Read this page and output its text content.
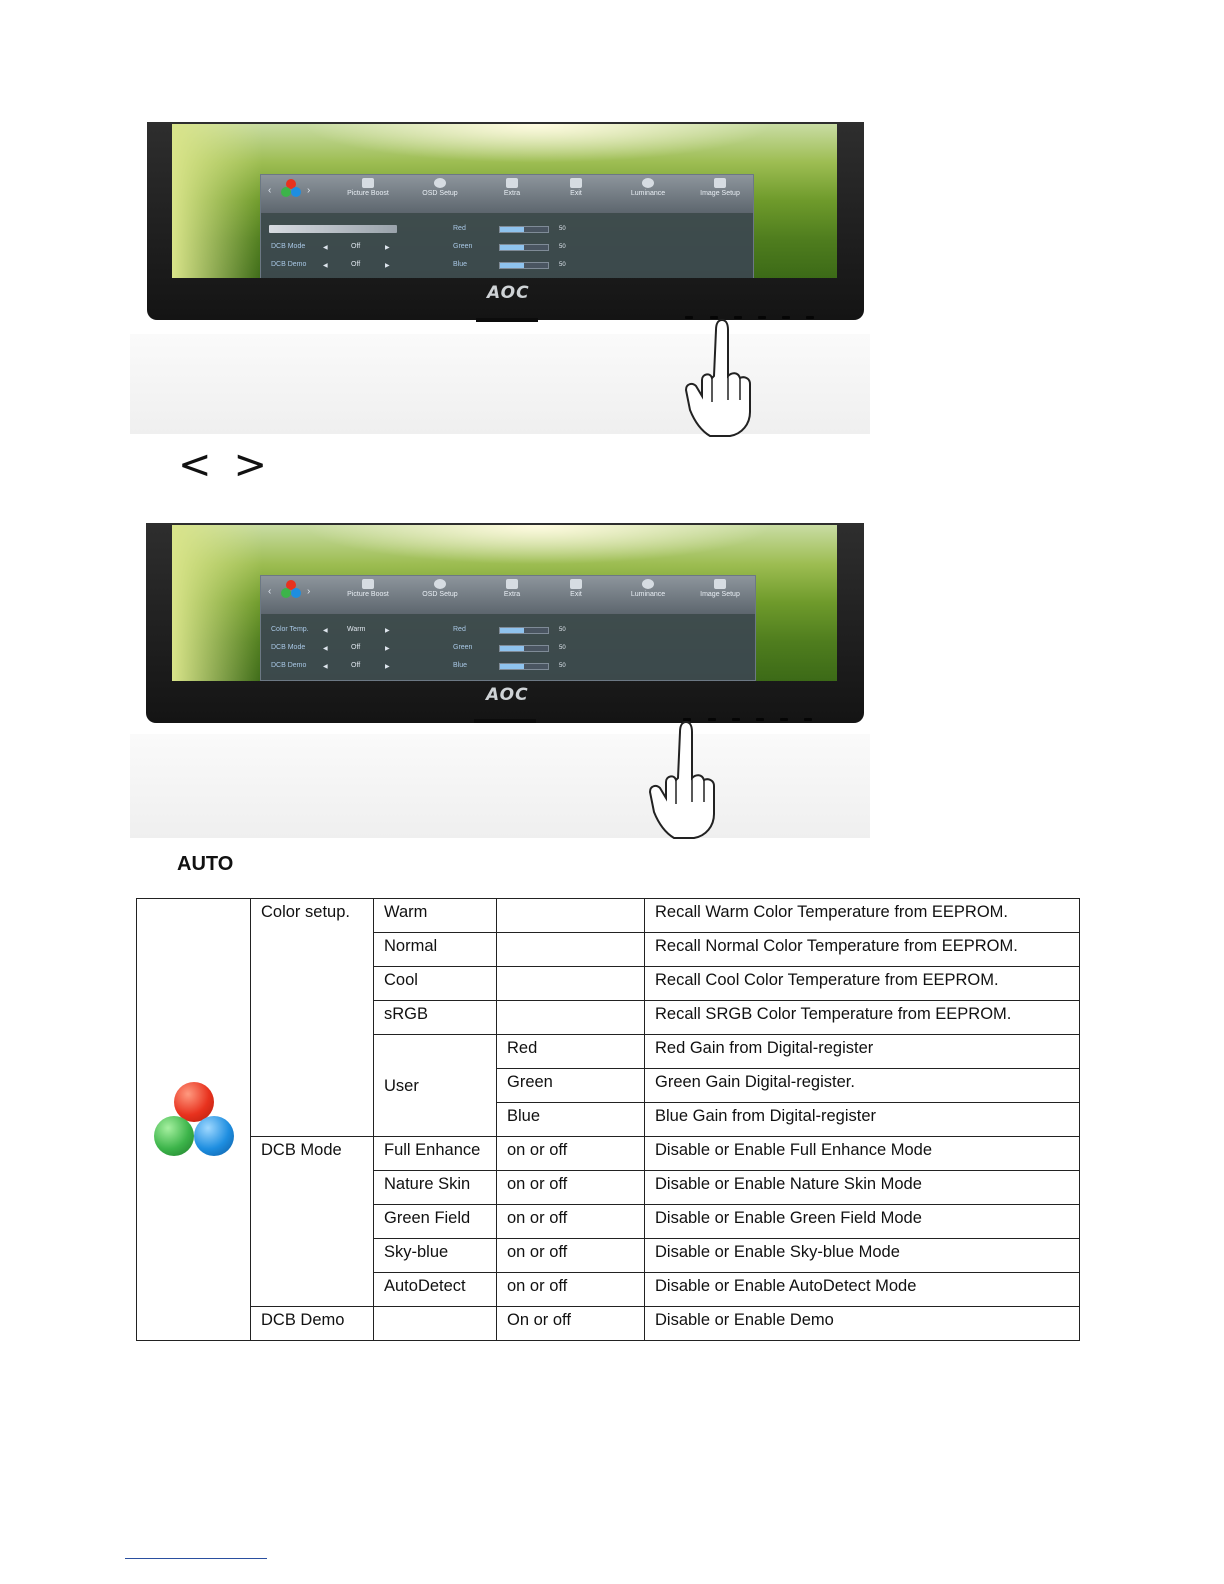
‹	›	Picture Boost	OSD Setup	Extra	Exit	Luminance	Image Setup
DCB Mode	◀	Off	▶
DCB Demo	◀	Off	▶
Red	50
Green	50
Blue	50
AOC
<>
‹	›	Picture Boost	OSD Setup	Extra	Exit	Luminance	Image Setup
Color Temp. ◀	Warm	▶
DCB Mode	◀	Off	▶
DCB Demo	◀	Off	▶
Red	50
Green	50
Blue	50
AOC
AUTO
	Color setup.	Warm		Recall Warm Color Temperature from EEPROM.
		Normal		Recall Normal Color Temperature from EEPROM.
		Cool		Recall Cool Color Temperature from EEPROM.
		sRGB		Recall SRGB Color Temperature from EEPROM.
		User	Red	Red Gain from Digital-register
			Green	Green Gain Digital-register.
			Blue	Blue Gain from Digital-register
	DCB Mode	Full Enhance	on or off	Disable or Enable Full Enhance Mode
		Nature Skin	on or off	Disable or Enable Nature Skin Mode
		Green Field	on or off	Disable or Enable Green Field Mode
		Sky-blue	on or off	Disable or Enable Sky-blue Mode
		AutoDetect	on or off	Disable or Enable AutoDetect Mode
	DCB Demo		On or off	Disable or Enable Demo
